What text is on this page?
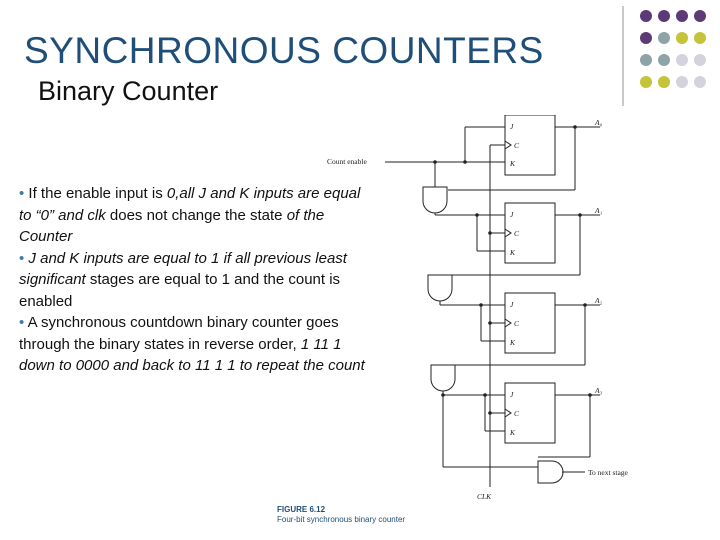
SYNCHRONOUS COUNTERS
Binary Counter

• If the enable input is 0,all J and K inputs are equal to “0” and clk does not change the state of the Counter

• J and K inputs are equal to 1 if all previous least significant stages are equal to 1 and the count is enabled

• A synchronous countdown binary counter goes through the binary states in reverse order, 1 11 1 down to 0000 and back to 11 1 1 to repeat the count

J
C
K
J
C
K
J
C
K
J
C
K
A₀
A₁
A₂
A₃
Count enable
To next stage
CLK
FIGURE 6.12
Four-bit synchronous binary counter
